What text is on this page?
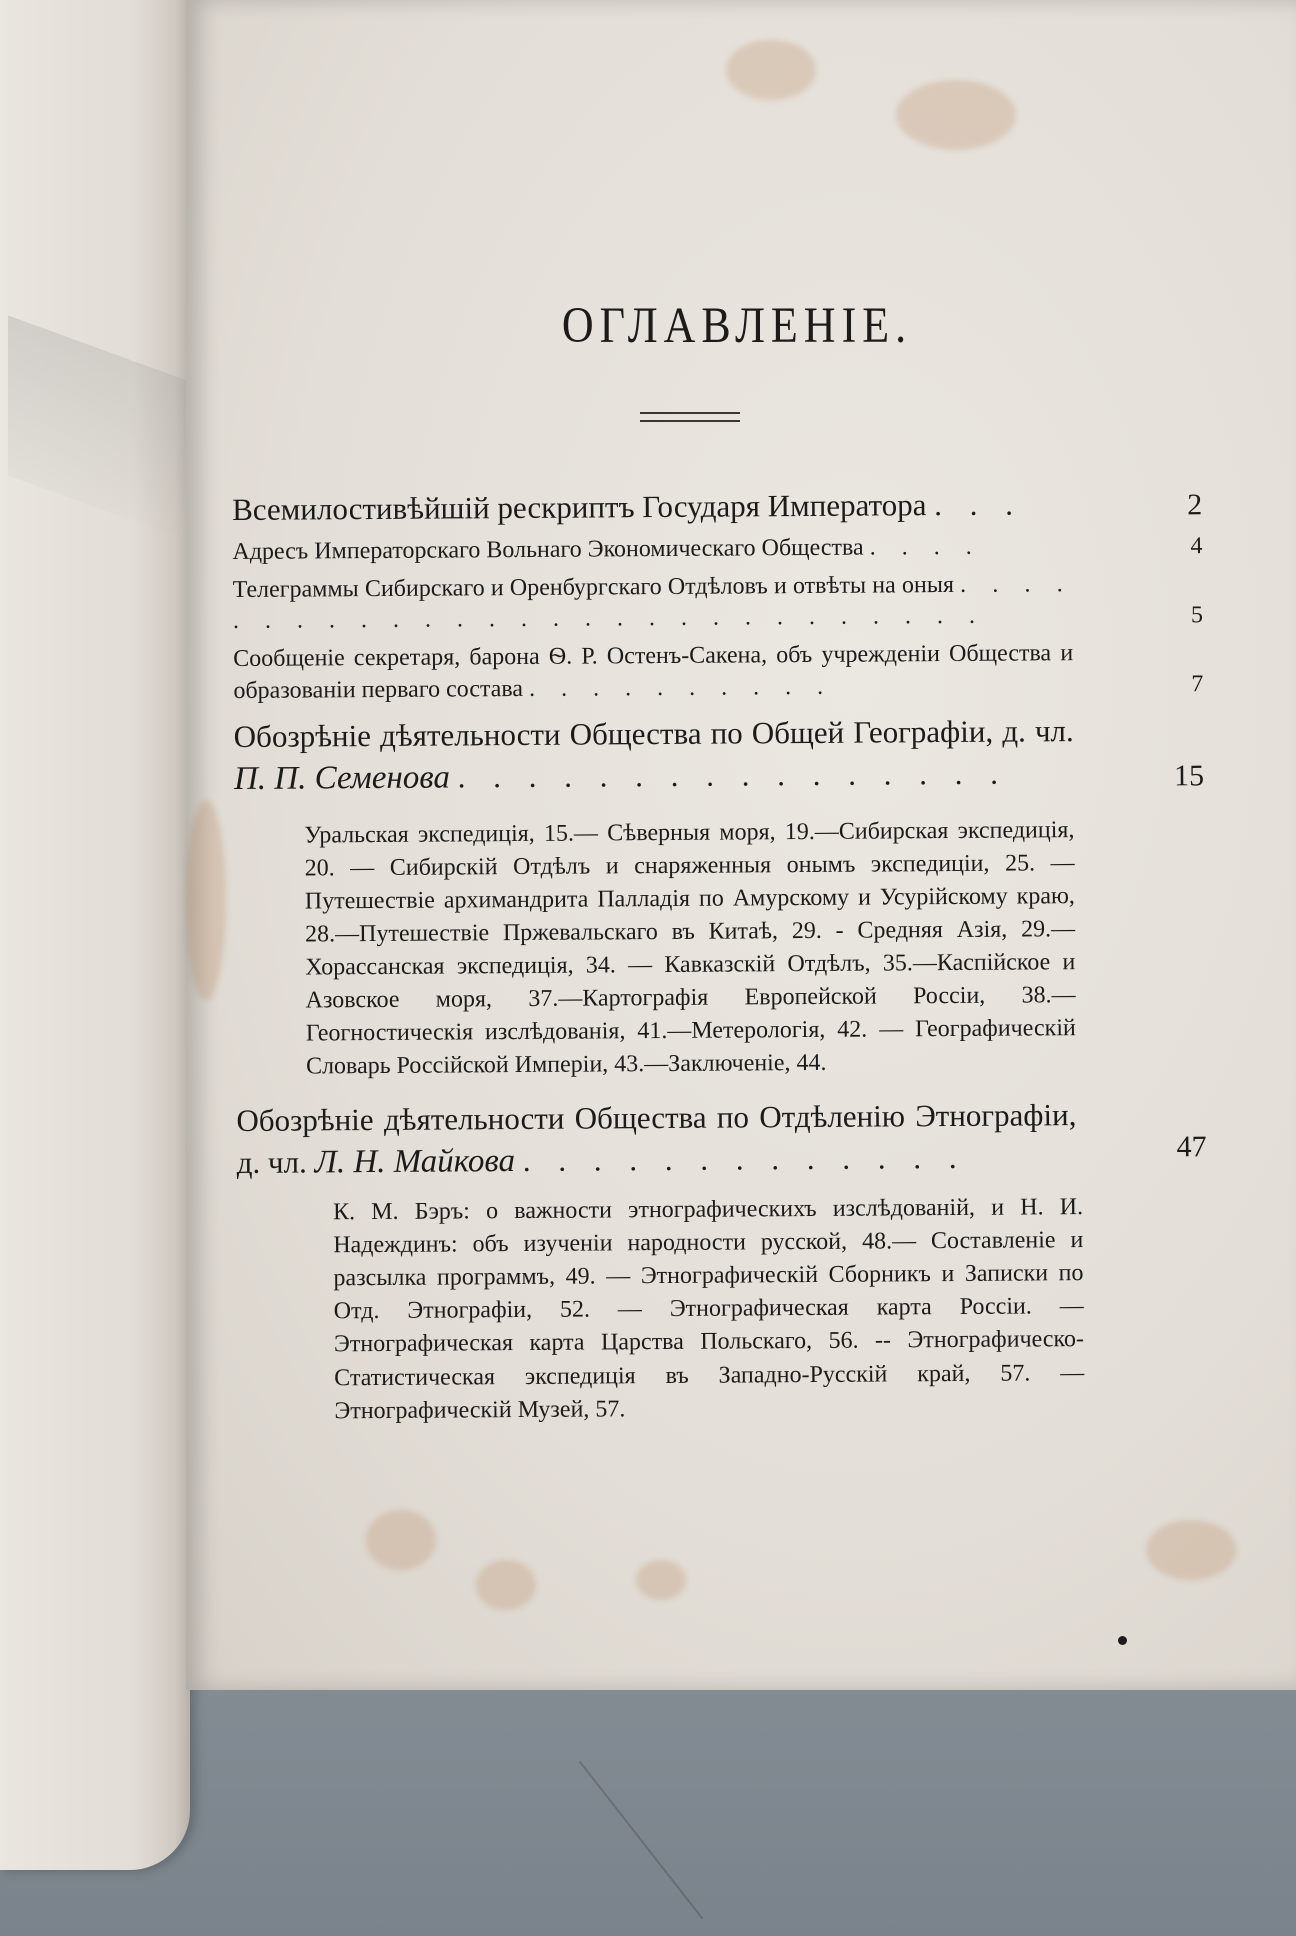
ОГЛАВЛЕНІЕ.
Всемилостивѣйшій рескриптъ Государя Императора . . .	2
Адресъ Императорскаго Вольнаго Экономическаго Общества . . . .	4
Телеграммы Сибирскаго и Оренбургскаго Отдѣловъ и отвѣты на оныя . . . . . . . . . . . . . . . . . . . . . . . . . . . .	5
Сообщеніе секретаря, барона Ѳ. Р. Остенъ-Сакена, объ учрежденіи Общества и образованіи перваго состава . . . . . . . . . .	7
Обозрѣніе дѣятельности Общества по Общей Географіи, д. чл. П. П. Семенова . . . . . . . . . . . . . . . .	15
Уральская экспедиція, 15.— Сѣверныя моря, 19.—Сибирская экспедиція, 20. — Сибирскій Отдѣлъ и снаряженныя онымъ экспедиціи, 25. — Путешествіе архимандрита Палладія по Амурскому и Усурійскому краю, 28.—Путешествіе Пржевальскаго въ Китаѣ, 29. - Средняя Азія, 29.—Хорассанская экспедиція, 34. — Кавказскій Отдѣлъ, 35.—Каспійское и Азовское моря, 37.—Картографія Европейской Россіи, 38.—Геогностическія изслѣдованія, 41.—Метерологія, 42. — Географическій Словарь Россійской Имперіи, 43.—Заключеніе, 44.
Обозрѣніе дѣятельности Общества по Отдѣленію Этнографіи, д. чл. Л. Н. Майкова . . . . . . . . . . . . .	47
К. М. Бэръ: о важности этнографическихъ изслѣдованій, и Н. И. Надеждинъ: объ изученіи народности русской, 48.— Составленіе и разсылка программъ, 49. — Этнографическій Сборникъ и Записки по Отд. Этнографіи, 52. — Этнографическая карта Россіи. — Этнографическая карта Царства Польскаго, 56. -- Этнографическо-Статистическая экспедиція въ Западно-Русскій край, 57. — Этнографическій Музей, 57.
